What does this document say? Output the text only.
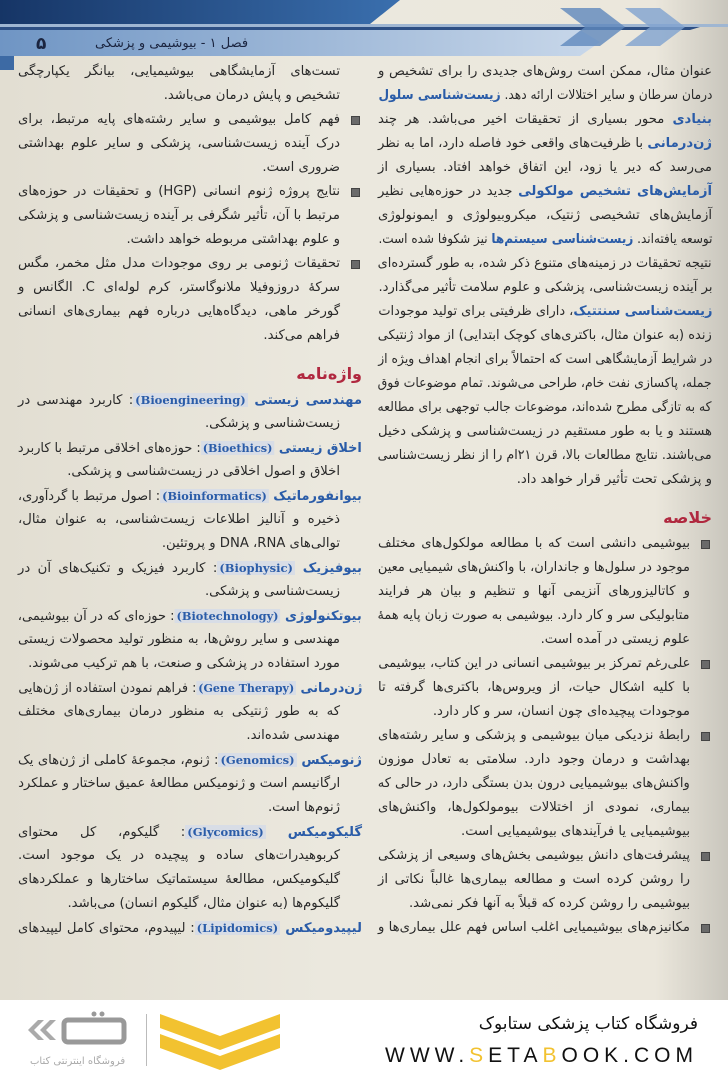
۵	فصل ۱ - بیوشیمی و پزشکی
عنوان مثال، ممکن است روش‌های جدیدی را برای تشخیص و
درمان سرطان و سایر اختلالات ارائه دهد. زیست‌شناسی سلول
بنیادی محور بسیاری از تحقیقات اخیر می‌باشد. هر چند
ژن‌درمانی با ظرفیت‌های واقعی خود فاصله دارد، اما به نظر
می‌رسد که دیر یا زود، این اتفاق خواهد افتاد. بسیاری از
آزمایش‌های تشخیص مولکولی جدید در حوزه‌هایی نظیر
آزمایش‌های تشخیصی ژنتیک، میکروبیولوژی و ایمونولوژی
توسعه یافته‌اند. زیست‌شناسی سیستم‌ها نیز شکوفا شده است.
نتیجه تحقیقات در زمینه‌های متنوع ذکر شده، به طور گسترده‌ای
بر آینده زیست‌شناسی، پزشکی و علوم سلامت تأثیر می‌گذارد.
زیست‌شناسی سنتتیک، دارای ظرفیتی برای تولید موجودات
زنده (به عنوان مثال، باکتری‌های کوچک ابتدایی) از مواد ژنتیکی
در شرایط آزمایشگاهی است که احتمالاً برای انجام اهداف ویژه از
جمله، پاکسازی نفت خام، طراحی می‌شوند. تمام موضوعات فوق
که به تازگی مطرح شده‌اند، موضوعات جالب توجهی برای مطالعه
هستند و یا به طور مستقیم در زیست‌شناسی و پزشکی دخیل
می‌باشند. نتایج مطالعات بالا، قرن ۲۱ام را از نظر زیست‌شناسی
و پزشکی تحت تأثیر قرار خواهد داد.
خلاصه
بیوشیمی دانشی است که با مطالعه مولکول‌های مختلف
موجود در سلول‌ها و جانداران، با واکنش‌های شیمیایی معین
و کاتالیزورهای آنزیمی آنها و تنظیم و بیان هر فرایند
متابولیکی سر و کار دارد. بیوشیمی به صورت زبان پایه همهٔ
علوم زیستی در آمده است.
علی‌رغم تمرکز بر بیوشیمی انسانی در این کتاب، بیوشیمی
با کلیه اشکال حیات، از ویروس‌ها، باکتری‌ها گرفته تا
موجودات پیچیده‌ای چون انسان، سر و کار دارد.
رابطهٔ نزدیکی میان بیوشیمی و پزشکی و سایر رشته‌های
بهداشت و درمان وجود دارد. سلامتی به تعادل موزون
واکنش‌های بیوشیمیایی درون بدن بستگی دارد، در حالی که
بیماری، نمودی از اختلالات بیومولکول‌ها، واکنش‌های
بیوشیمیایی یا فرآیندهای بیوشیمیایی است.
پیشرفت‌های دانش بیوشیمی بخش‌های وسیعی از پزشکی
را روشن کرده است و مطالعه بیماری‌ها غالباً نکاتی از
بیوشیمی را روشن کرده که قبلاً به آنها فکر نمی‌شد.
مکانیزم‌های بیوشیمیایی اغلب اساس فهم علل بیماری‌ها و
تست‌های آزمایشگاهی بیوشیمیایی، بیانگر یکپارچگی
تشخیص و پایش درمان می‌باشد.
فهم کامل بیوشیمی و سایر رشته‌های پایه مرتبط، برای
درک آینده زیست‌شناسی، پزشکی و سایر علوم بهداشتی
ضروری است.
نتایج پروژه ژنوم انسانی (HGP) و تحقیقات در حوزه‌های
مرتبط با آن، تأثیر شگرفی بر آینده زیست‌شناسی و پزشکی
و علوم بهداشتی مربوطه خواهد داشت.
تحقیقات ژنومی بر روی موجودات مدل مثل مخمر، مگس
سرکهٔ دروزوفیلا ملانوگاستر، کرم لوله‌ای C. الگانس و
گورخر ماهی، دیدگاه‌هایی درباره فهم بیماری‌های انسانی
فراهم می‌کند.
واژه‌نامه
مهندسی زیستی (Bioengineering): کاربرد مهندسی در
زیست‌شناسی و پزشکی.
اخلاق زیستی (Bioethics): حوزه‌های اخلاقی مرتبط با کاربرد
اخلاق و اصول اخلاقی در زیست‌شناسی و پزشکی.
بیوانفورماتیک (Bioinformatics): اصول مرتبط با گردآوری،
ذخیره و آنالیز اطلاعات زیست‌شناسی، به عنوان مثال،
توالی‌های DNA ،RNA و پروتئین.
بیوفیزیک (Biophysic): کاربرد فیزیک و تکنیک‌های آن در
زیست‌شناسی و پزشکی.
بیوتکنولوژی (Biotechnology): حوزه‌ای که در آن بیوشیمی،
مهندسی و سایر روش‌ها، به منظور تولید محصولات زیستی
مورد استفاده در پزشکی و صنعت، با هم ترکیب می‌شوند.
ژن‌درمانی (Gene Therapy): فراهم نمودن استفاده از ژن‌هایی
که به طور ژنتیکی به منظور درمان بیماری‌های مختلف
مهندسی شده‌اند.
ژنومیکس (Genomics): ژنوم، مجموعهٔ کاملی از ژن‌های یک
ارگانیسم است و ژنومیکس مطالعهٔ عمیق ساختار و عملکرد
ژنوم‌ها است.
گلیکومیکس (Glycomics): گلیکوم، کل محتوای
کربوهیدرات‌های ساده و پیچیده در یک موجود است.
گلیکومیکس، مطالعهٔ سیستماتیک ساختارها و عملکردهای
گلیکوم‌ها (به عنوان مثال، گلیکوم انسان) می‌باشد.
لیپیدومیکس (Lipidomics): لیپیدوم، محتوای کامل لیپیدهای
فروشگاه کتاب پزشکی ستابوک
WWW.SETABOOK.COM
فروشگاه اینترنتی کتاب
